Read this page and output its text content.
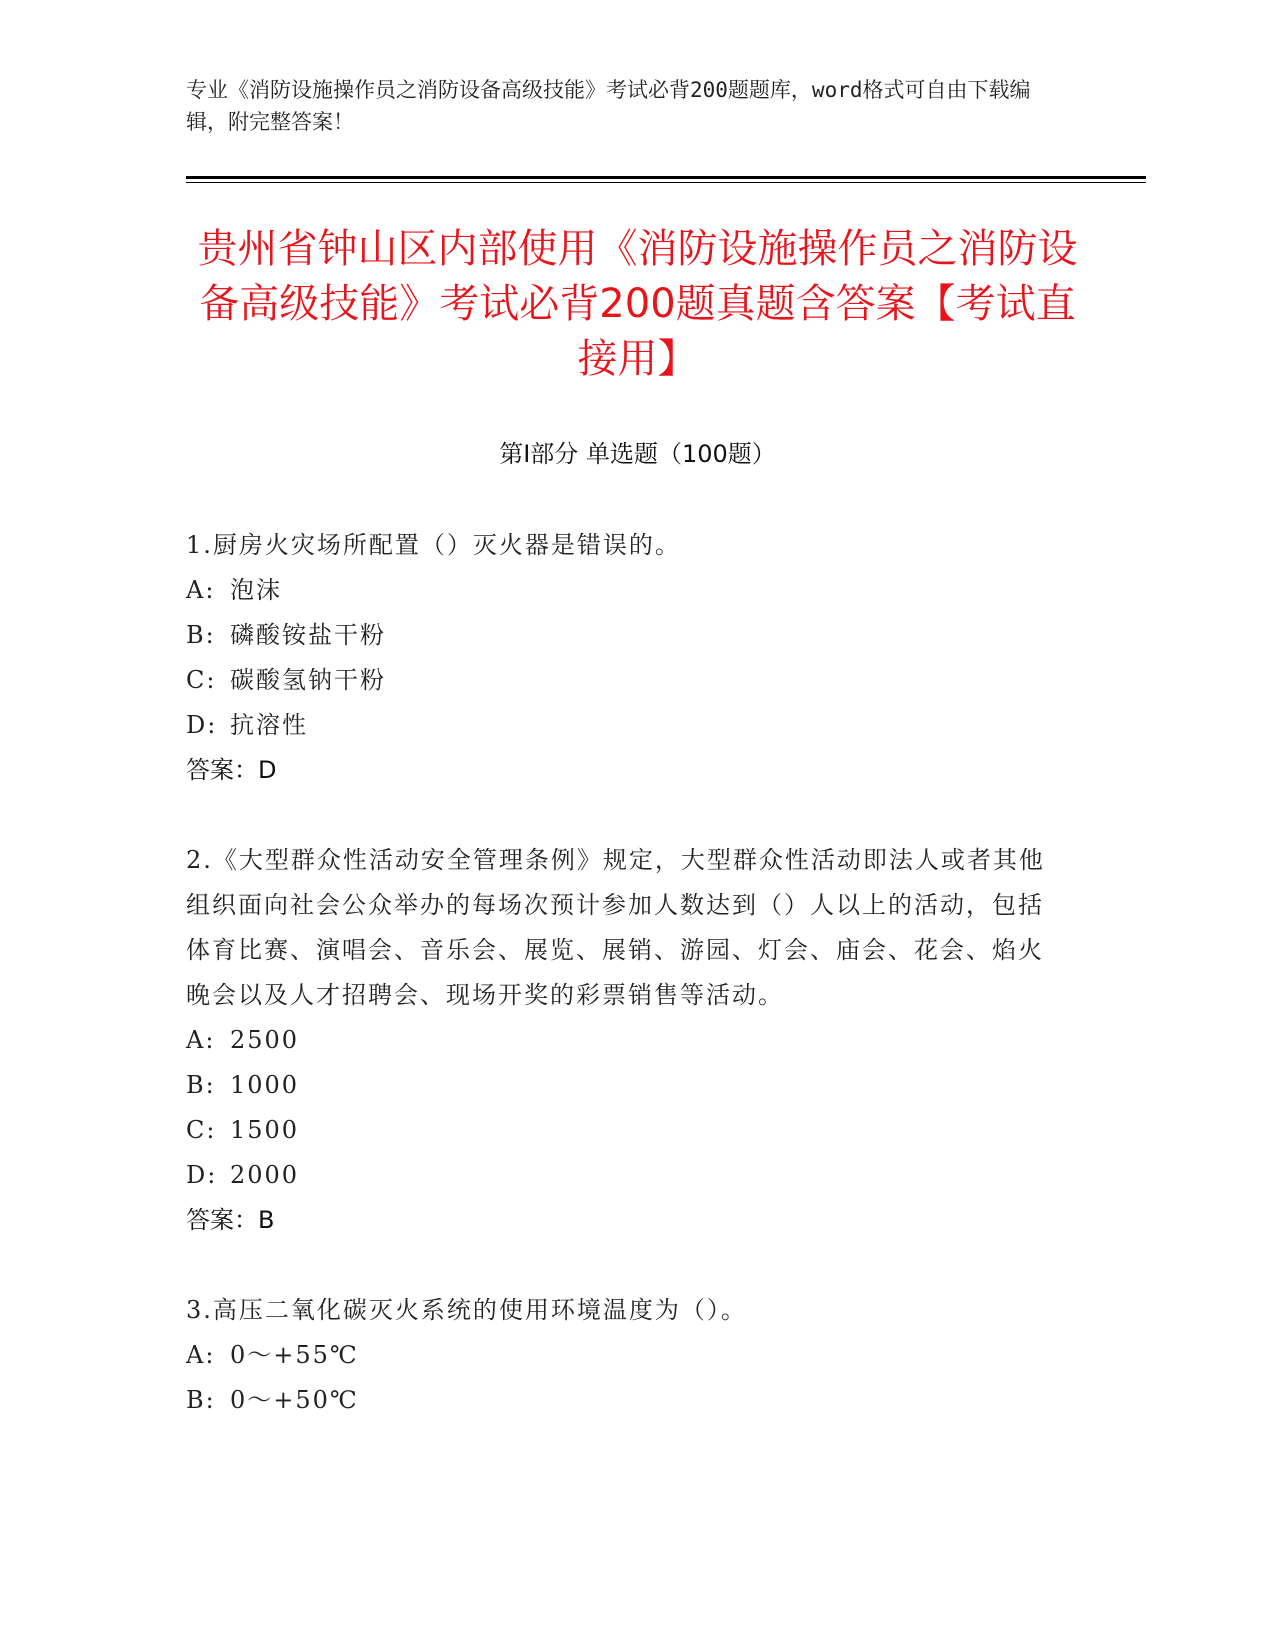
专业《消防设施操作员之消防设备高级技能》考试必背200题题库，word格式可自由下载编辑，附完整答案！
贵州省钟山区内部使用《消防设施操作员之消防设备高级技能》考试必背200题真题含答案【考试直接用】
第I部分 单选题（100题）
1.厨房火灾场所配置（）灭火器是错误的。
A: 泡沫
B: 磷酸铵盐干粉
C: 碳酸氢钠干粉
D: 抗溶性
答案：D
2.《大型群众性活动安全管理条例》规定，大型群众性活动即法人或者其他组织面向社会公众举办的每场次预计参加人数达到（）人以上的活动，包括体育比赛、演唱会、音乐会、展览、展销、游园、灯会、庙会、花会、焰火晚会以及人才招聘会、现场开奖的彩票销售等活动。
A: 2500
B: 1000
C: 1500
D: 2000
答案：B
3.高压二氧化碳灭火系统的使用环境温度为（）。
A: 0～+55℃
B: 0～+50℃
